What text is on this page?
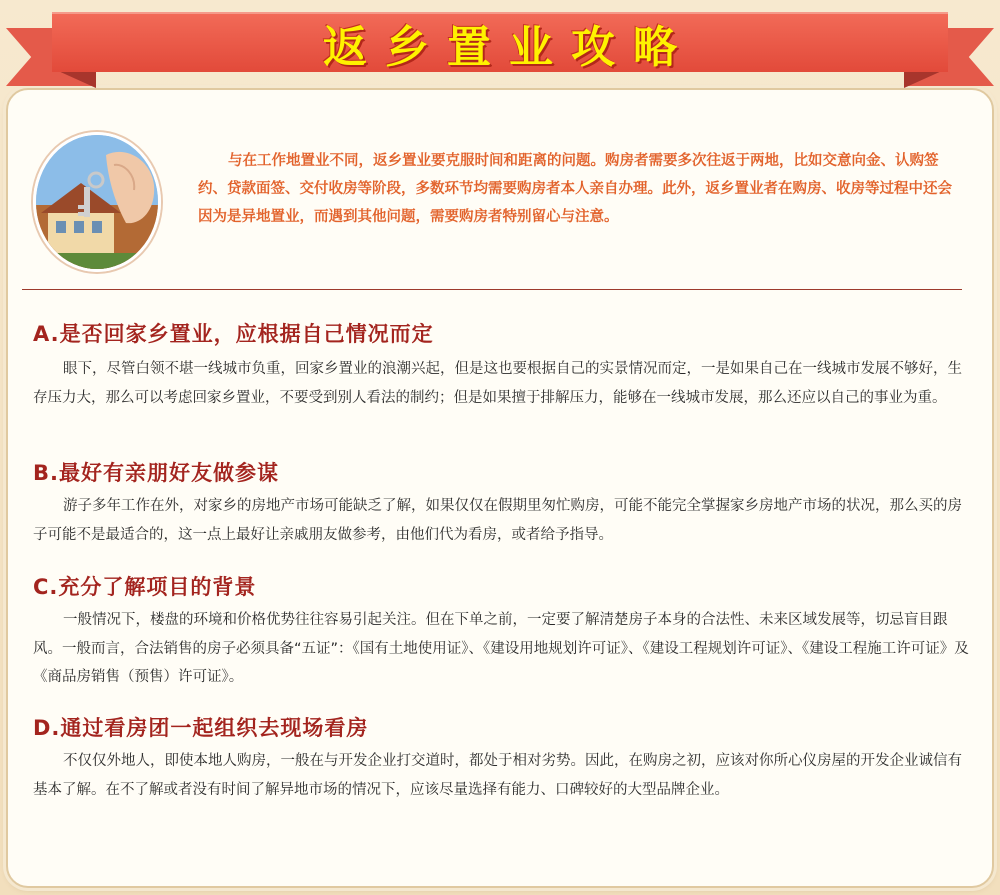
返乡置业攻略

与在工作地置业不同，返乡置业要克服时间和距离的问题。购房者需要多次往返于两地，比如交意向金、认购签约、贷款面签、交付收房等阶段，多数环节均需要购房者本人亲自办理。此外，返乡置业者在购房、收房等过程中还会因为是异地置业，而遇到其他问题，需要购房者特别留心与注意。

A.是否回家乡置业，应根据自己情况而定

眼下，尽管白领不堪一线城市负重，回家乡置业的浪潮兴起，但是这也要根据自己的实景情况而定，一是如果自己在一线城市发展不够好，生存压力大，那么可以考虑回家乡置业，不要受到别人看法的制约；但是如果擅于排解压力，能够在一线城市发展，那么还应以自己的事业为重。

B.最好有亲朋好友做参谋

游子多年工作在外，对家乡的房地产市场可能缺乏了解，如果仅仅在假期里匆忙购房，可能不能完全掌握家乡房地产市场的状况，那么买的房子可能不是最适合的，这一点上最好让亲戚朋友做参考，由他们代为看房，或者给予指导。

C.充分了解项目的背景

一般情况下，楼盘的环境和价格优势往往容易引起关注。但在下单之前，一定要了解清楚房子本身的合法性、未来区域发展等，切忌盲目跟风。一般而言，合法销售的房子必须具备“五证”：《国有土地使用证》、《建设用地规划许可证》、《建设工程规划许可证》、《建设工程施工许可证》及《商品房销售（预售）许可证》。

D.通过看房团一起组织去现场看房

不仅仅外地人，即使本地人购房，一般在与开发企业打交道时，都处于相对劣势。因此，在购房之初，应该对你所心仪房屋的开发企业诚信有基本了解。在不了解或者没有时间了解异地市场的情况下，应该尽量选择有能力、口碑较好的大型品牌企业。
